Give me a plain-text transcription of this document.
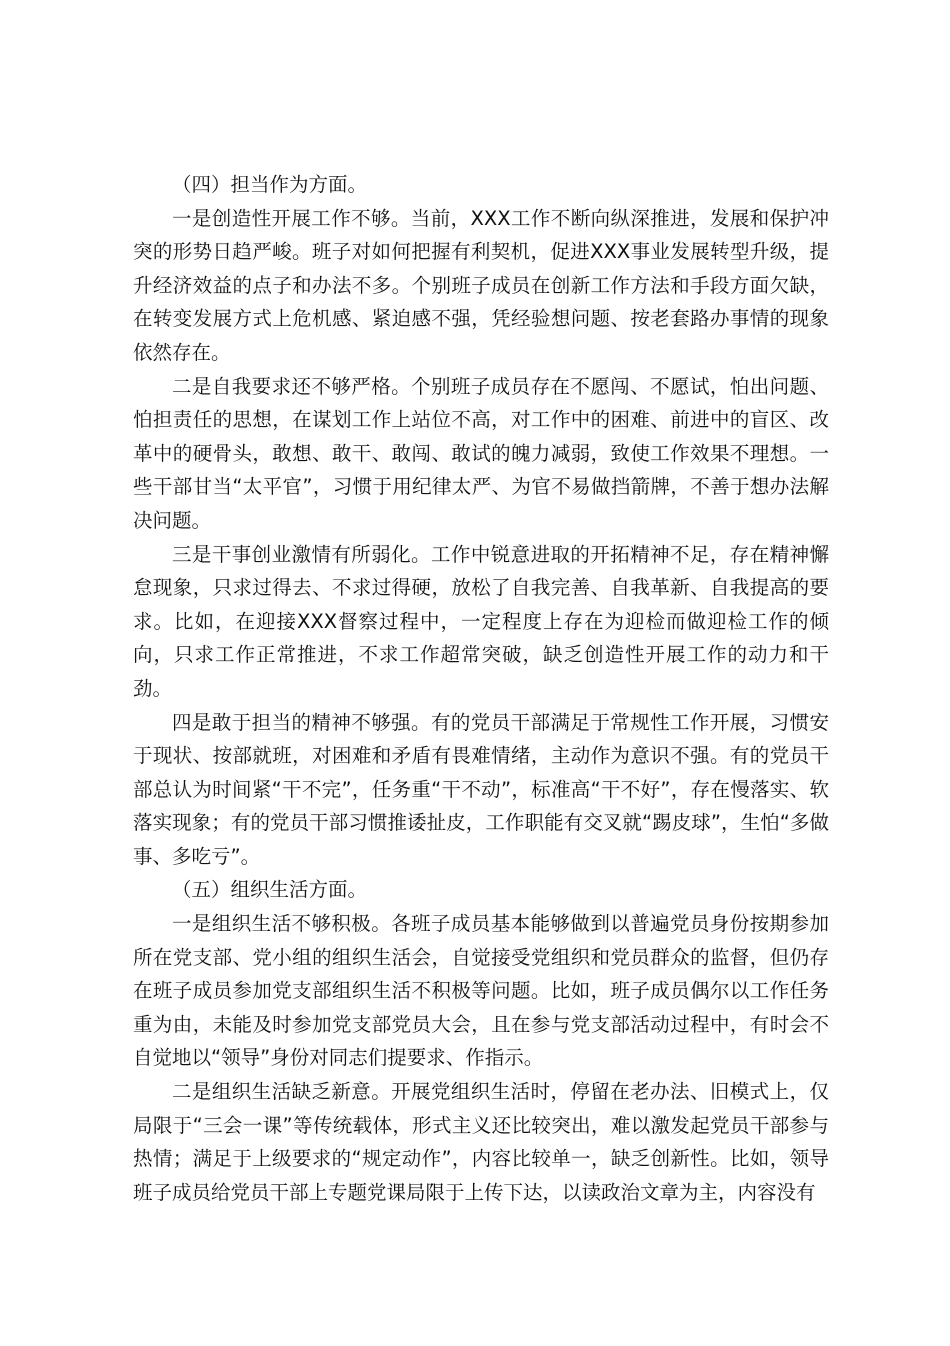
（四）担当作为方面。

一是创造性开展工作不够。当前，XXX工作不断向纵深推进，发展和保护冲突的形势日趋严峻。班子对如何把握有利契机，促进XXX事业发展转型升级，提升经济效益的点子和办法不多。个别班子成员在创新工作方法和手段方面欠缺，在转变发展方式上危机感、紧迫感不强，凭经验想问题、按老套路办事情的现象依然存在。

二是自我要求还不够严格。个别班子成员存在不愿闯、不愿试，怕出问题、怕担责任的思想，在谋划工作上站位不高，对工作中的困难、前进中的盲区、改革中的硬骨头，敢想、敢干、敢闯、敢试的魄力减弱，致使工作效果不理想。一些干部甘当“太平官”，习惯于用纪律太严、为官不易做挡箭牌，不善于想办法解决问题。

三是干事创业激情有所弱化。工作中锐意进取的开拓精神不足，存在精神懈怠现象，只求过得去、不求过得硬，放松了自我完善、自我革新、自我提高的要求。比如，在迎接XXX督察过程中，一定程度上存在为迎检而做迎检工作的倾向，只求工作正常推进，不求工作超常突破，缺乏创造性开展工作的动力和干劲。

四是敢于担当的精神不够强。有的党员干部满足于常规性工作开展，习惯安于现状、按部就班，对困难和矛盾有畏难情绪，主动作为意识不强。有的党员干部总认为时间紧“干不完”，任务重“干不动”，标准高“干不好”，存在慢落实、软落实现象；有的党员干部习惯推诿扯皮，工作职能有交叉就“踢皮球”，生怕“多做事、多吃亏”。

（五）组织生活方面。

一是组织生活不够积极。各班子成员基本能够做到以普遍党员身份按期参加所在党支部、党小组的组织生活会，自觉接受党组织和党员群众的监督，但仍存在班子成员参加党支部组织生活不积极等问题。比如，班子成员偶尔以工作任务重为由，未能及时参加党支部党员大会，且在参与党支部活动过程中，有时会不自觉地以“领导”身份对同志们提要求、作指示。

二是组织生活缺乏新意。开展党组织生活时，停留在老办法、旧模式上，仅局限于“三会一课”等传统载体，形式主义还比较突出，难以激发起党员干部参与热情；满足于上级要求的“规定动作”，内容比较单一，缺乏创新性。比如，领导班子成员给党员干部上专题党课局限于上传下达，以读政治文章为主，内容没有
